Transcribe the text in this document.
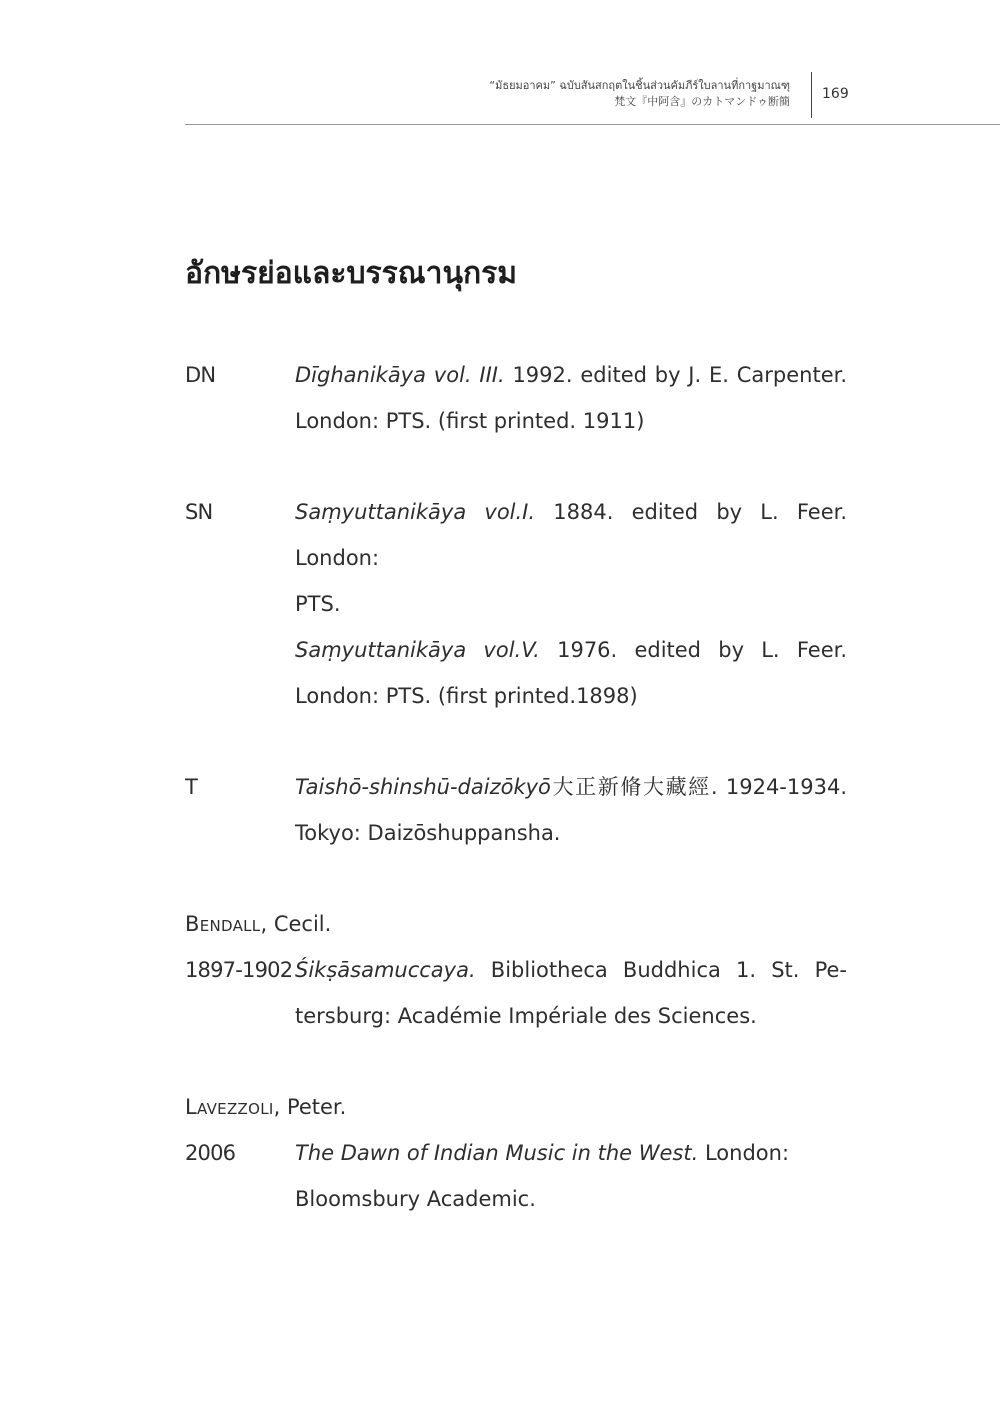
“มัธยมอาคม” ฉบับสันสกฤตในชิ้นส่วนคัมภีร์ใบลานที่กาฐมาณฑุ
梵文『中阿含』のカトマンドゥ断簡 169
อักษรย่อและบรรณานุกรม
DN	Dīghanikāya vol. III. 1992. edited by J. E. Carpenter.
London: PTS. (first printed. 1911)
SN	Saṃyuttanikāya vol.I. 1884. edited by L. Feer. London:
PTS.
Saṃyuttanikāya vol.V. 1976. edited by L. Feer.
London: PTS. (first printed.1898)
T	Taishō-shinshū-daizōkyō大正新脩大藏經. 1924-1934.
Tokyo: Daizōshuppansha.
Bendall, Cecil.
1897-1902 Śikṣāsamuccaya. Bibliotheca Buddhica 1. St. Pe-
tersburg: Académie Impériale des Sciences.
Lavezzoli, Peter.
2006	The Dawn of Indian Music in the West. London:
Bloomsbury Academic.
